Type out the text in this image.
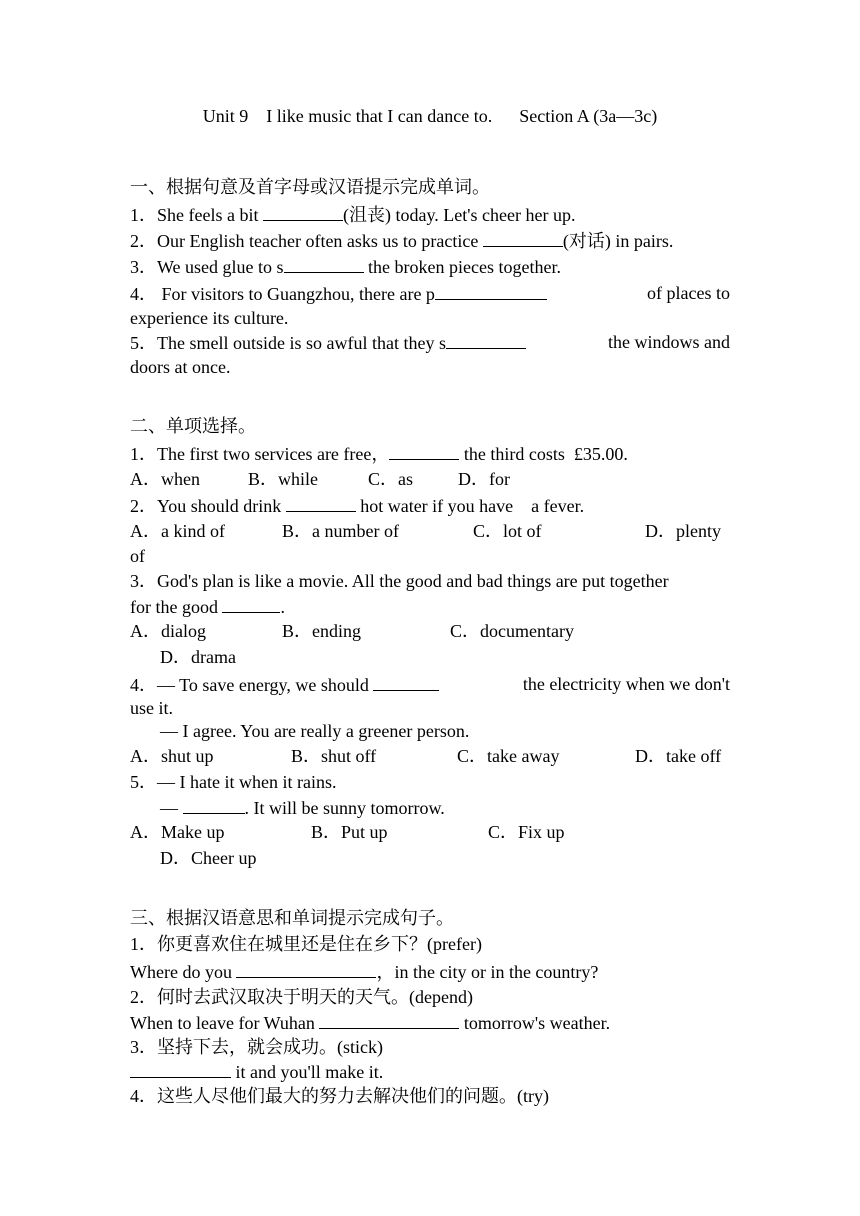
Unit 9    I like music that I can dance to.      Section A (3a—3c)
一、根据句意及首字母或汉语提示完成单词。
1．She feels a bit	(沮丧) today. Let's cheer her up.
2．Our English teacher often asks us to practice	(对话) in pairs.
3．We used glue to s	the broken pieces together.
4． For visitors to Guangzhou, there are p	of places to
experience its culture.
5．The smell outside is so awful that they s	the windows and
doors at once.
二、单项选择。
1．The first two services are free，	the third costs  £35.00.
A．when	B．while	C．as	D．for
2．You should drink	hot water if you have    a fever.
A．a kind of	B．a number of	C．lot of	D．plenty
of
3．God's plan is like a movie. All the good and bad things are put together
for the good	.
A．dialog	B．ending	C．documentary
D．drama
4．— To save energy, we should	the electricity when we don't
use it.
— I agree. You are really a greener person.
A．shut up	B．shut off	C．take away	D．take off
5．— I hate it when it rains.
—	. It will be sunny tomorrow.
A．Make up	B．Put up	C．Fix up
D．Cheer up
三、根据汉语意思和单词提示完成句子。
1．你更喜欢住在城里还是住在乡下？(prefer)
Where do you	，in the city or in the country?
2．何时去武汉取决于明天的天气。(depend)
When to leave for Wuhan	tomorrow's weather.
3．坚持下去，就会成功。(stick)
it and you'll make it.
4．这些人尽他们最大的努力去解决他们的问题。(try)
